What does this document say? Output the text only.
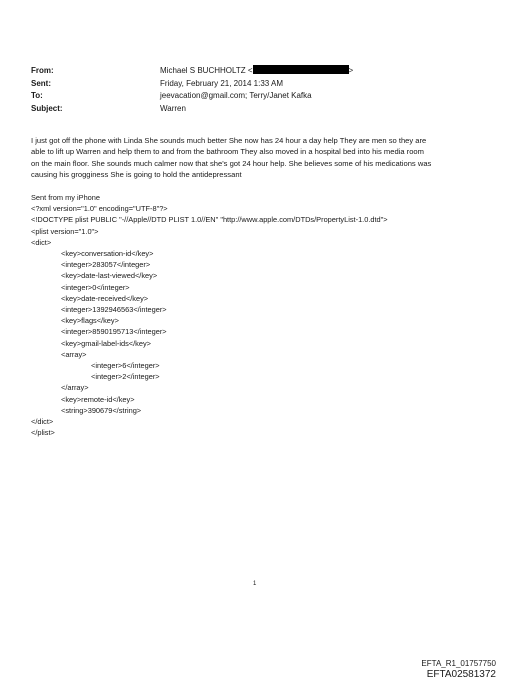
From:	Michael S BUCHHOLTZ <	>
Sent:	Friday, February 21, 2014 1:33 AM
To:	jeevacation@gmail.com; Terry/Janet Kafka
Subject:	Warren

I just got off the phone with Linda She sounds much better She now has 24 hour a day help They are men so they are

able to lift up Warren and help them to and from the bathroom They also moved in a hospital bed into his media room

on the main floor. She sounds much calmer now that she's got 24 hour help. She believes some of his medications was

causing his grogginess She is going to hold the antidepressant

Sent from my iPhone
<?xml version="1.0" encoding="UTF-8"?>
<!DOCTYPE plist PUBLIC "-//Apple//DTD PLIST 1.0//EN" "http://www.apple.com/DTDs/PropertyList-1.0.dtd">
<plist version="1.0">
<dict>
<key>conversation-id</key>
<integer>283057</integer>
<key>date-last-viewed</key>
<integer>0</integer>
<key>date-received</key>
<integer>1392946563</integer>
<key>flags</key>
<integer>8590195713</integer>
<key>gmail-label-ids</key>
<array>
<integer>6</integer>
<integer>2</integer>
</array>
<key>remote-id</key>
<string>390679</string>
</dict>
</plist>
1
EFTA_R1_01757750
EFTA02581372
